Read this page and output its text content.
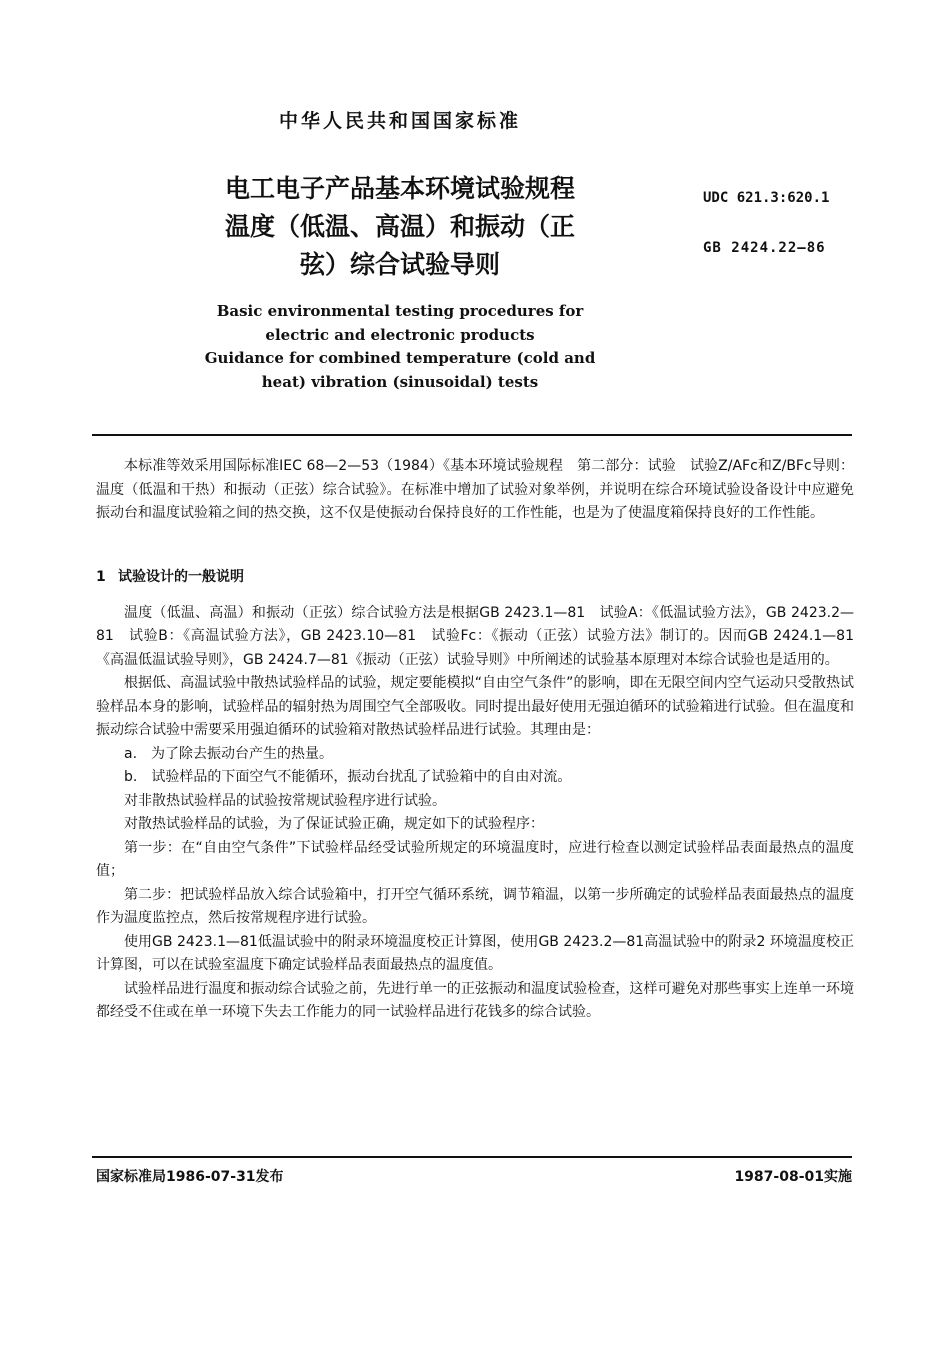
中华人民共和国国家标准
电工电子产品基本环境试验规程
温度（低温、高温）和振动（正
弦）综合试验导则
UDC 621.3:620.1
GB 2424.22—86
Basic environmental testing procedures for
electric and electronic products
Guidance for combined temperature (cold and
heat) vibration (sinusoidal) tests

本标准等效采用国际标准IEC 68—2—53（1984）《基本环境试验规程　第二部分：试验　试验Z/AFc和Z/BFc导则：温度（低温和干热）和振动（正弦）综合试验》。在标准中增加了试验对象举例，并说明在综合环境试验设备设计中应避免振动台和温度试验箱之间的热交换，这不仅是使振动台保持良好的工作性能，也是为了使温度箱保持良好的工作性能。

1 试验设计的一般说明

温度（低温、高温）和振动（正弦）综合试验方法是根据GB 2423.1—81　试验A：《低温试验方法》，GB 2423.2—81　试验B：《高温试验方法》，GB 2423.10—81　试验Fc：《振动（正弦）试验方法》制订的。因而GB 2424.1—81《高温低温试验导则》，GB 2424.7—81《振动（正弦）试验导则》中所阐述的试验基本原理对本综合试验也是适用的。

根据低、高温试验中散热试验样品的试验，规定要能模拟“自由空气条件”的影响，即在无限空间内空气运动只受散热试验样品本身的影响，试验样品的辐射热为周围空气全部吸收。同时提出最好使用无强迫循环的试验箱进行试验。但在温度和振动综合试验中需要采用强迫循环的试验箱对散热试验样品进行试验。其理由是：

a.　为了除去振动台产生的热量。

b.　试验样品的下面空气不能循环，振动台扰乱了试验箱中的自由对流。

对非散热试验样品的试验按常规试验程序进行试验。

对散热试验样品的试验，为了保证试验正确，规定如下的试验程序：

第一步：在“自由空气条件”下试验样品经受试验所规定的环境温度时，应进行检查以测定试验样品表面最热点的温度值；

第二步：把试验样品放入综合试验箱中，打开空气循环系统，调节箱温，以第一步所确定的试验样品表面最热点的温度作为温度监控点，然后按常规程序进行试验。

使用GB 2423.1—81低温试验中的附录环境温度校正计算图，使用GB 2423.2—81高温试验中的附录2 环境温度校正计算图，可以在试验室温度下确定试验样品表面最热点的温度值。

试验样品进行温度和振动综合试验之前，先进行单一的正弦振动和温度试验检查，这样可避免对那些事实上连单一环境都经受不住或在单一环境下失去工作能力的同一试验样品进行花钱多的综合试验。

国家标准局1986-07-31发布	1987-08-01实施
